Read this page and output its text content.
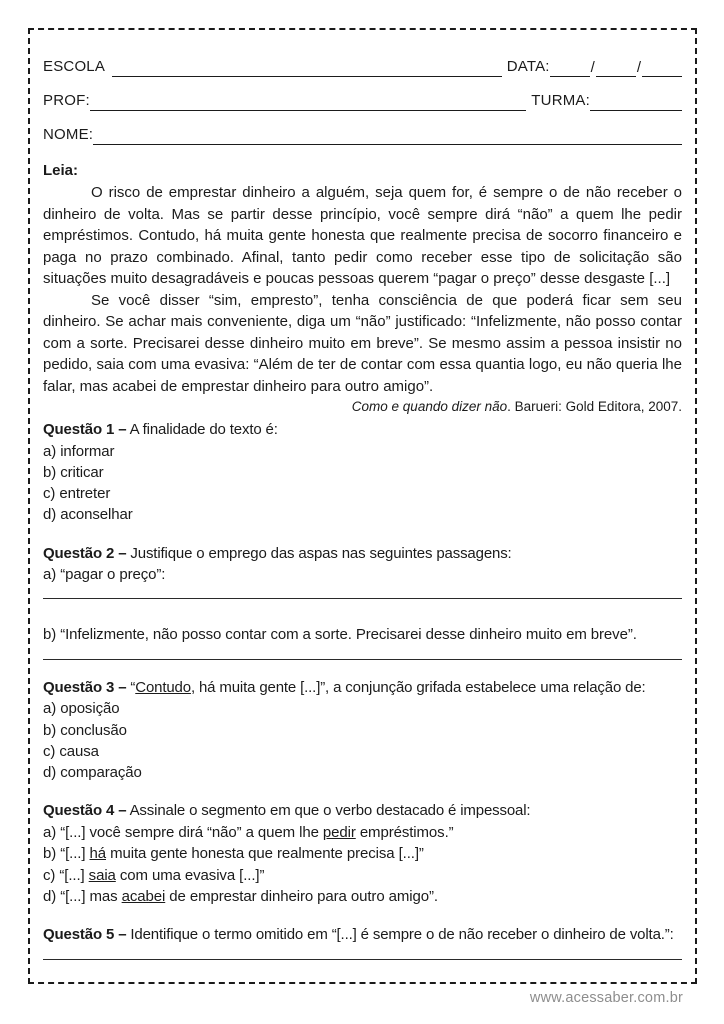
ESCOLA	DATA:	/	/
PROF:	TURMA:
NOME:

Leia:

O risco de emprestar dinheiro a alguém, seja quem for, é sempre o de não receber o dinheiro de volta. Mas se partir desse princípio, você sempre dirá “não” a quem lhe pedir empréstimos. Contudo, há muita gente honesta que realmente precisa de socorro financeiro e paga no prazo combinado. Afinal, tanto pedir como receber esse tipo de solicitação são situações muito desagradáveis e poucas pessoas querem “pagar o preço” desse desgaste [...]

Se você disser “sim, empresto”, tenha consciência de que poderá ficar sem seu dinheiro. Se achar mais conveniente, diga um “não” justificado: “Infelizmente, não posso contar com a sorte. Precisarei desse dinheiro muito em breve”. Se mesmo assim a pessoa insistir no pedido, saia com uma evasiva: “Além de ter de contar com essa quantia logo, eu não queria lhe falar, mas acabei de emprestar dinheiro para outro amigo”.

Como e quando dizer não. Barueri: Gold Editora, 2007.

Questão 1 – A finalidade do texto é:

a) informar

b) criticar

c) entreter

d) aconselhar

Questão 2 – Justifique o emprego das aspas nas seguintes passagens:

a) “pagar o preço”:

b) “Infelizmente, não posso contar com a sorte. Precisarei desse dinheiro muito em breve”.

Questão 3 – “Contudo, há muita gente [...]”, a conjunção grifada estabelece uma relação de:

a) oposição

b) conclusão

c) causa

d) comparação

Questão 4 – Assinale o segmento em que o verbo destacado é impessoal:

a) “[...] você sempre dirá “não” a quem lhe pedir empréstimos.”

b) “[...] há muita gente honesta que realmente precisa [...]”

c) “[...] saia com uma evasiva [...]”

d) “[...] mas acabei de emprestar dinheiro para outro amigo”.

Questão 5 – Identifique o termo omitido em “[...] é sempre o de não receber o dinheiro de volta.”:

www.acessaber.com.br
